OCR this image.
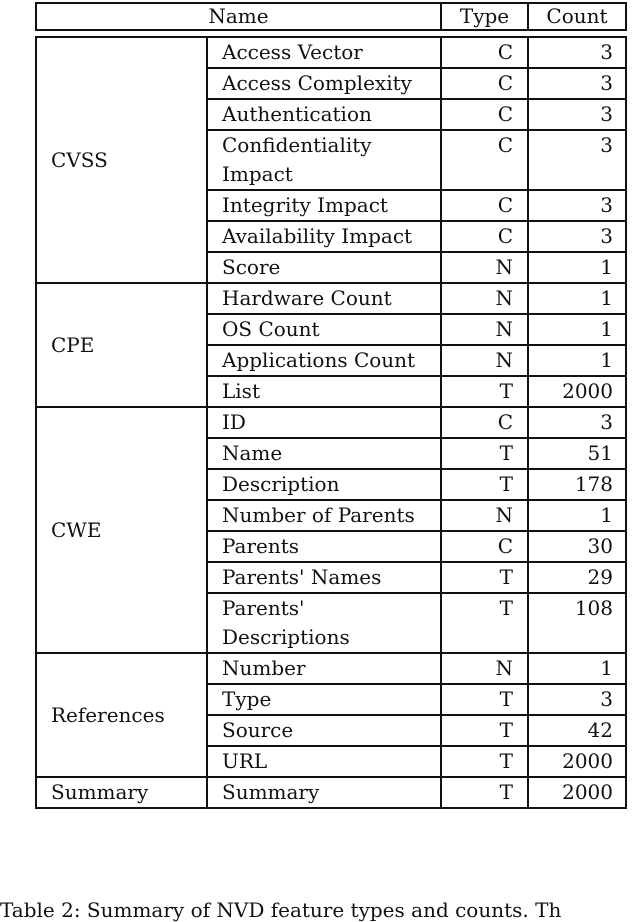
Name	Type	Count
CVSS	Access Vector	C	3
	Access Complexity	C	3
	Authentication	C	3
	Confidentiality Impact	C	3
	Integrity Impact	C	3
	Availability Impact	C	3
	Score	N	1
CPE	Hardware Count	N	1
	OS Count	N	1
	Applications Count	N	1
	List	T	2000
CWE	ID	C	3
	Name	T	51
	Description	T	178
	Number of Parents	N	1
	Parents	C	30
	Parents' Names	T	29
	Parents' Descriptions	T	108
References	Number	N	1
	Type	T	3
	Source	T	42
	URL	T	2000
Summary	Summary	T	2000
Table 2: Summary of NVD feature types and counts. Th
